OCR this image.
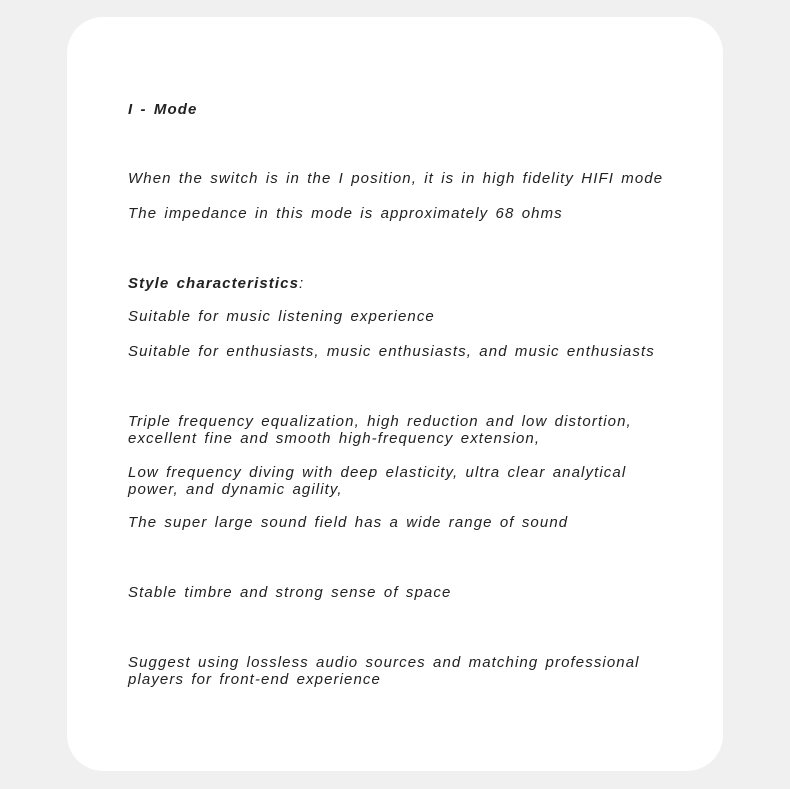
I - Mode
When the switch is in the I position, it is in high fidelity HIFI mode
The impedance in this mode is approximately 68 ohms
Style characteristics:
Suitable for music listening experience
Suitable for enthusiasts, music enthusiasts, and music enthusiasts
Triple frequency equalization, high reduction and low distortion, excellent fine and smooth high-frequency extension,
Low frequency diving with deep elasticity, ultra clear analytical power, and dynamic agility,
The super large sound field has a wide range of sound
Stable timbre and strong sense of space
Suggest using lossless audio sources and matching professional players for front-end experience
